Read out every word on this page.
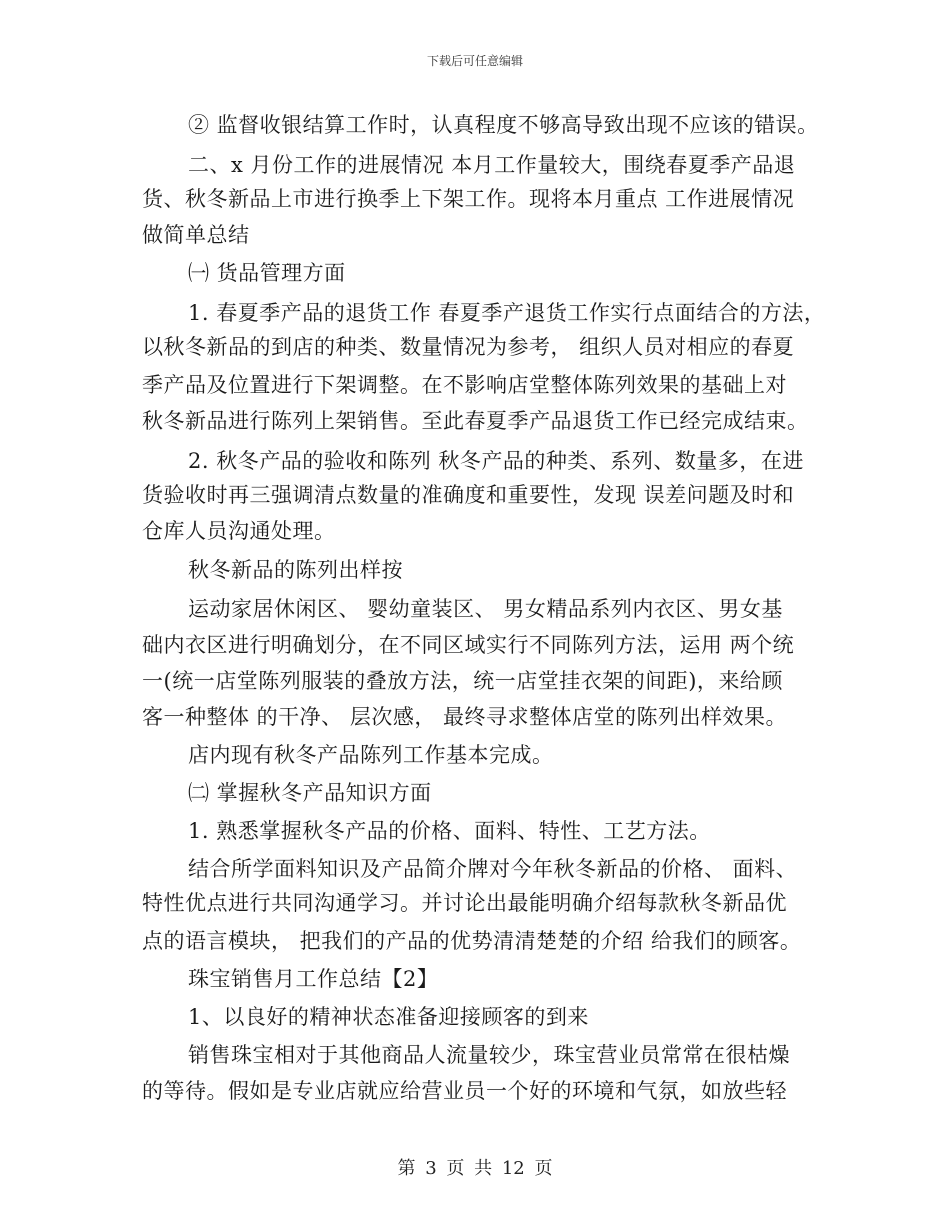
下载后可任意编辑
② 监督收银结算工作时，认真程度不够高导致出现不应该的错误。
二、x 月份工作的进展情况 本月工作量较大，围绕春夏季产品退
货、秋冬新品上市进行换季上下架工作。现将本月重点 工作进展情况
做简单总结
㈠ 货品管理方面
1. 春夏季产品的退货工作 春夏季产退货工作实行点面结合的方法，
以秋冬新品的到店的种类、数量情况为参考， 组织人员对相应的春夏
季产品及位置进行下架调整。在不影响店堂整体陈列效果的基础上对
秋冬新品进行陈列上架销售。至此春夏季产品退货工作已经完成结束。
2. 秋冬产品的验收和陈列 秋冬产品的种类、系列、数量多，在进
货验收时再三强调清点数量的准确度和重要性，发现 误差问题及时和
仓库人员沟通处理。
秋冬新品的陈列出样按
运动家居休闲区、 婴幼童装区、 男女精品系列内衣区、男女基
础内衣区进行明确划分，在不同区域实行不同陈列方法，运用 两个统
一(统一店堂陈列服装的叠放方法，统一店堂挂衣架的间距)，来给顾
客一种整体 的干净、 层次感， 最终寻求整体店堂的陈列出样效果。
店内现有秋冬产品陈列工作基本完成。
㈡ 掌握秋冬产品知识方面
1. 熟悉掌握秋冬产品的价格、面料、特性、工艺方法。
结合所学面料知识及产品简介牌对今年秋冬新品的价格、 面料、
特性优点进行共同沟通学习。并讨论出最能明确介绍每款秋冬新品优
点的语言模块， 把我们的产品的优势清清楚楚的介绍 给我们的顾客。
珠宝销售月工作总结【2】
1、以良好的精神状态准备迎接顾客的到来
销售珠宝相对于其他商品人流量较少，珠宝营业员常常在很枯燥
的等待。假如是专业店就应给营业员一个好的环境和气氛，如放些轻
第 3 页 共 12 页
